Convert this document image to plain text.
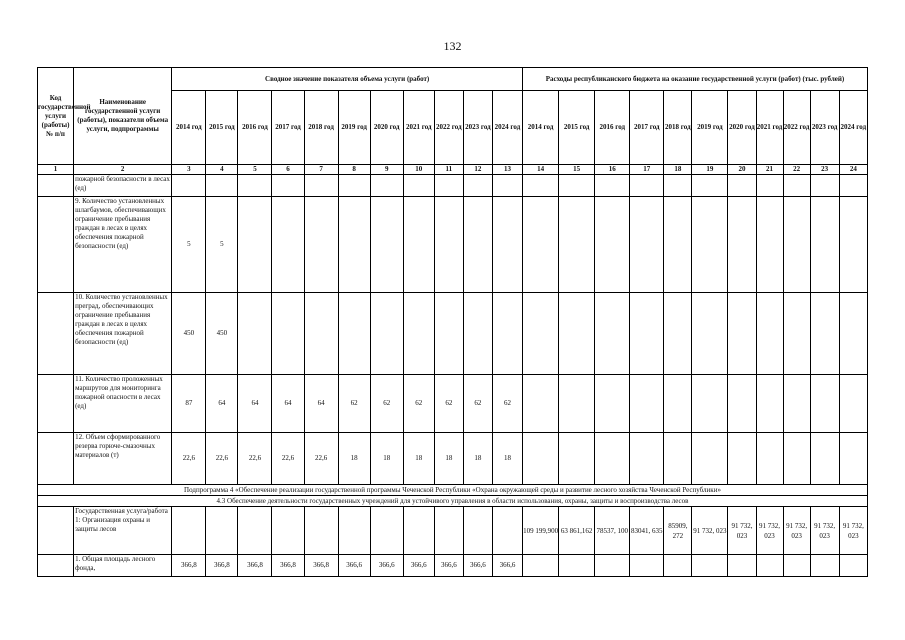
132
Код государственной услуги (работы) № п/п	Наименование государственной услуги (работы), показатели объема услуги, подпрограммы	Сводное значение показателя объема услуги (работ)											Расходы республиканского бюджета на оказание государственной услуги (работ) (тыс. рублей)										
		2014 год	2015 год	2016 год	2017 год	2018 год	2019 год	2020 год	2021 год	2022 год	2023 год	2024 год	2014 год	2015 год	2016 год	2017 год	2018 год	2019 год	2020 год	2021 год	2022 год	2023 год	2024 год
1	2	3	4	5	6	7	8	9	10	11	12	13	14	15	16	17	18	19	20	21	22	23	24
	пожарной безопасности в лесах (ед)																						
	9. Количество установленных шлагбаумов, обеспечивающих ограничение пребывания граждан в лесах в целях обеспечения пожарной безопасности (ед)	5	5																				
	10. Количество установленных преград, обеспечивающих ограничение пребывания граждан в лесах в целях обеспечения пожарной безопасности (ед)	450	450																				
	11. Количество проложенных маршрутов для мониторинга пожарной опасности в лесах (ед)	87	64	64	64	64	62	62	62	62	62	62											
	12. Объем сформированного резерва горюче-смазочных материалов (т)	22,6	22,6	22,6	22,6	22,6	18	18	18	18	18	18											
Подпрограмма 4 «Обеспечение реализации государственной программы Чеченской Республики «Охрана окружающей среды и развитие лесного хозяйства Чеченской Республики»																							
4.3 Обеспечение деятельности государственных учреждений для устойчивого управления в области использования, охраны, защиты и воспроизводства лесов																							
	Государственная услуга/работа 1: Организация охраны и защиты лесов												109 199,900	63 861,162	78537, 100	83041, 635	85909, 272	91 732, 023	91 732, 023	91 732, 023	91 732, 023	91 732, 023	91 732, 023
	1. Общая площадь лесного фонда,	366,8	366,8	366,8	366,8	366,8	366,6	366,6	366,6	366,6	366,6	366,6											
